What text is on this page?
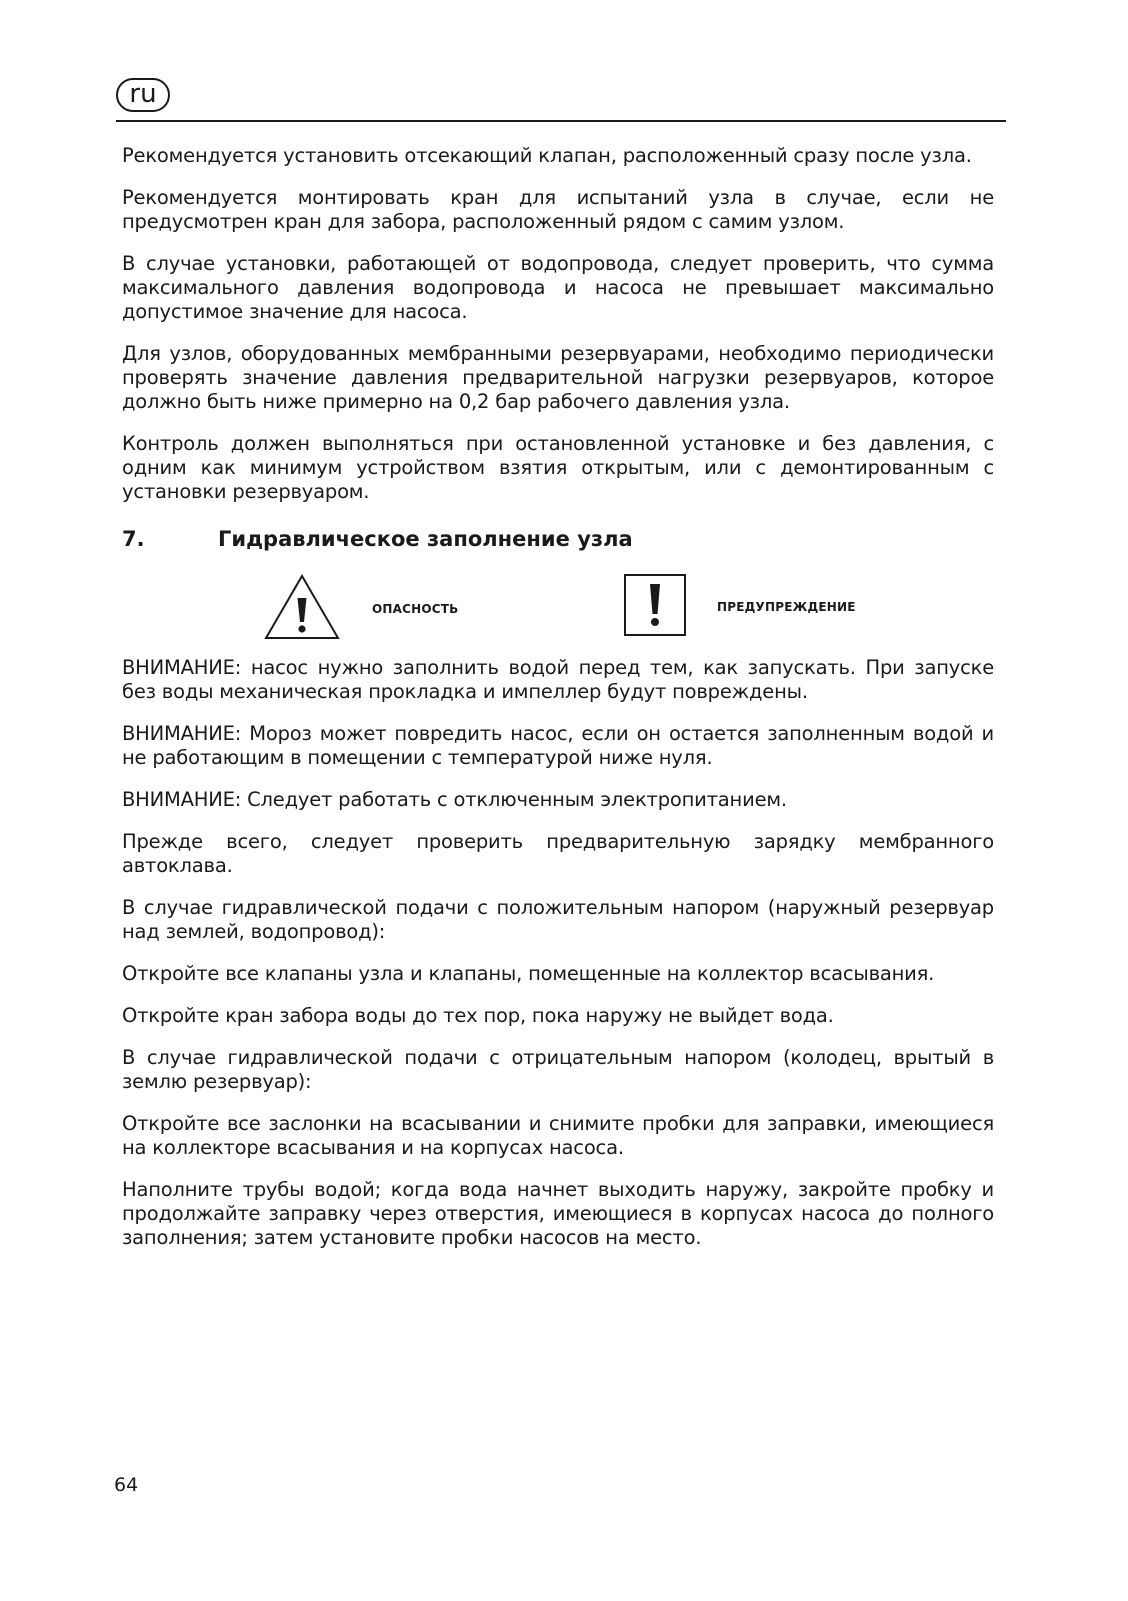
ru

Рекомендуется установить отсекающий клапан, расположенный сразу после узла.

Рекомендуется монтировать кран для испытаний узла в случае, если не предусмотрен кран для забора, расположенный рядом с самим узлом.

В случае установки, работающей от водопровода, следует проверить, что сумма максимального давления водопровода и насоса не превышает максимально допустимое значение для насоса.

Для узлов, оборудованных мембранными резервуарами, необходимо периодически проверять значение давления предварительной нагрузки резервуаров, которое должно быть ниже примерно на 0,2 бар рабочего давления узла.

Контроль должен выполняться при остановленной установке и без давления, с одним как минимум устройством взятия открытым, или с демонтированным с установки резервуаром.

7.	Гидравлическое заполнение узла
ОПАСНОСТЬ	ПРЕДУПРЕЖДЕНИЕ

ВНИМАНИЕ: насос нужно заполнить водой перед тем, как запускать. При запуске без воды механическая прокладка и импеллер будут повреждены.

ВНИМАНИЕ: Мороз может повредить насос, если он остается заполненным водой и не работающим в помещении с температурой ниже нуля.

ВНИМАНИЕ: Следует работать с отключенным электропитанием.

Прежде всего, следует проверить предварительную зарядку мембранного автоклава.

В случае гидравлической подачи с положительным напором (наружный резервуар над землей, водопровод):

Откройте все клапаны узла и клапаны, помещенные на коллектор всасывания.

Откройте кран забора воды до тех пор, пока наружу не выйдет вода.

В случае гидравлической подачи с отрицательным напором (колодец, врытый в землю резервуар):

Откройте все заслонки на всасывании и снимите пробки для заправки, имеющиеся на коллекторе всасывания и на корпусах насоса.

Наполните трубы водой; когда вода начнет выходить наружу, закройте пробку и продолжайте заправку через отверстия, имеющиеся в корпусах насоса до полного заполнения; затем установите пробки насосов на место.

64
